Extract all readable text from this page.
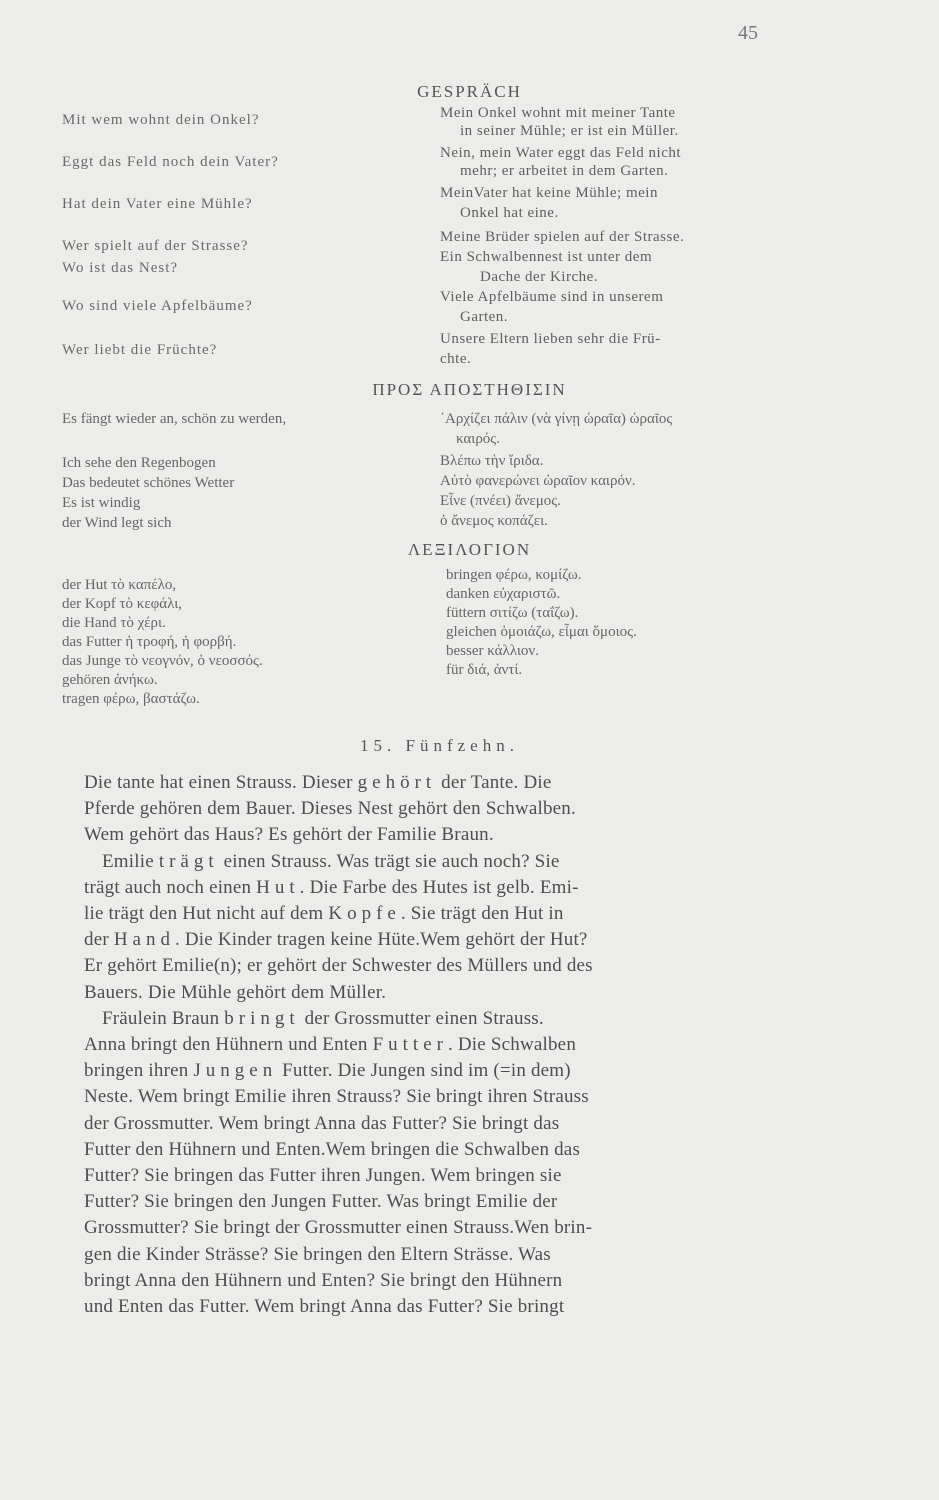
45
GESPRÄCH
Mit wem wohnt dein Onkel?
Eggt das Feld noch dein Vater?
Hat dein Vater eine Mühle?
Wer spielt auf der Strasse?
Wo ist das Nest?
Wo sind viele Apfelbäume?
Wer liebt die Früchte?
Mein Onkel wohnt mit meiner Tante
in seiner Mühle; er ist ein Müller.
Nein, mein Water eggt das Feld nicht
mehr; er arbeitet in dem Garten.
MeinVater hat keine Mühle; mein
Onkel hat eine.
Meine Brüder spielen auf der Strasse.
Ein Schwalbennest ist unter dem
Dache der Kirche.
Viele Apfelbäume sind in unserem
Garten.
Unsere Eltern lieben sehr die Frü-
chte.
ΠΡΟΣ ΑΠΟΣΤΗΘΙΣΙΝ
Es fängt wieder an, schön zu werden,
Ich sehe den Regenbogen
Das bedeutet schönes Wetter
Es ist windig
der Wind legt sich
᾿Αρχίζει πάλιν (νὰ γίνῃ ὡραῖα) ὡραῖος
καιρός.
Βλέπω τὴν ἴριδα.
Αὐτὸ φανερώνει ὡραῖον καιρόν.
Εἶνε (πνέει) ἄνεμος.
ὁ ἄνεμος κοπάζει.
ΛΕΞΙΛΟΓΙΟΝ
der Hut τὸ καπέλο,
der Kopf τὸ κεφάλι,
die Hand τὸ χέρι.
das Futter ἡ τροφή, ἡ φορβή.
das Junge τὸ νεογνόν, ὁ νεοσσός.
gehören ἀνήκω.
tragen φέρω, βαστάζω.
bringen φέρω, κομίζω.
danken εὐχαριστῶ.
füttern σιτίζω (ταΐζω).
gleichen ὁμοιάζω, εἶμαι ὅμοιος.
besser κάλλιον.
für διά, ἀντί.
15. Fünfzehn.

Die tante hat einen Strauss. Dieser gehört der Tante. Die
Pferde gehören dem Bauer. Dieses Nest gehört den Schwalben.
Wem gehört das Haus? Es gehört der Familie Braun.

Emilie trägt einen Strauss. Was trägt sie auch noch? Sie
trägt auch noch einen Hut. Die Farbe des Hutes ist gelb. Emi-
lie trägt den Hut nicht auf dem Kopfe. Sie trägt den Hut in
der Hand. Die Kinder tragen keine Hüte.Wem gehört der Hut?
Er gehört Emilie(n); er gehört der Schwester des Müllers und des
Bauers. Die Mühle gehört dem Müller.

Fräulein Braun bringt der Grossmutter einen Strauss.
Anna bringt den Hühnern und Enten Futter. Die Schwalben
bringen ihren Jungen Futter. Die Jungen sind im (=in dem)
Neste. Wem bringt Emilie ihren Strauss? Sie bringt ihren Strauss
der Grossmutter. Wem bringt Anna das Futter? Sie bringt das
Futter den Hühnern und Enten.Wem bringen die Schwalben das
Futter? Sie bringen das Futter ihren Jungen. Wem bringen sie
Futter? Sie bringen den Jungen Futter. Was bringt Emilie der
Grossmutter? Sie bringt der Grossmutter einen Strauss.Wen brin-
gen die Kinder Strässe? Sie bringen den Eltern Strässe. Was
bringt Anna den Hühnern und Enten? Sie bringt den Hühnern
und Enten das Futter. Wem bringt Anna das Futter? Sie bringt
